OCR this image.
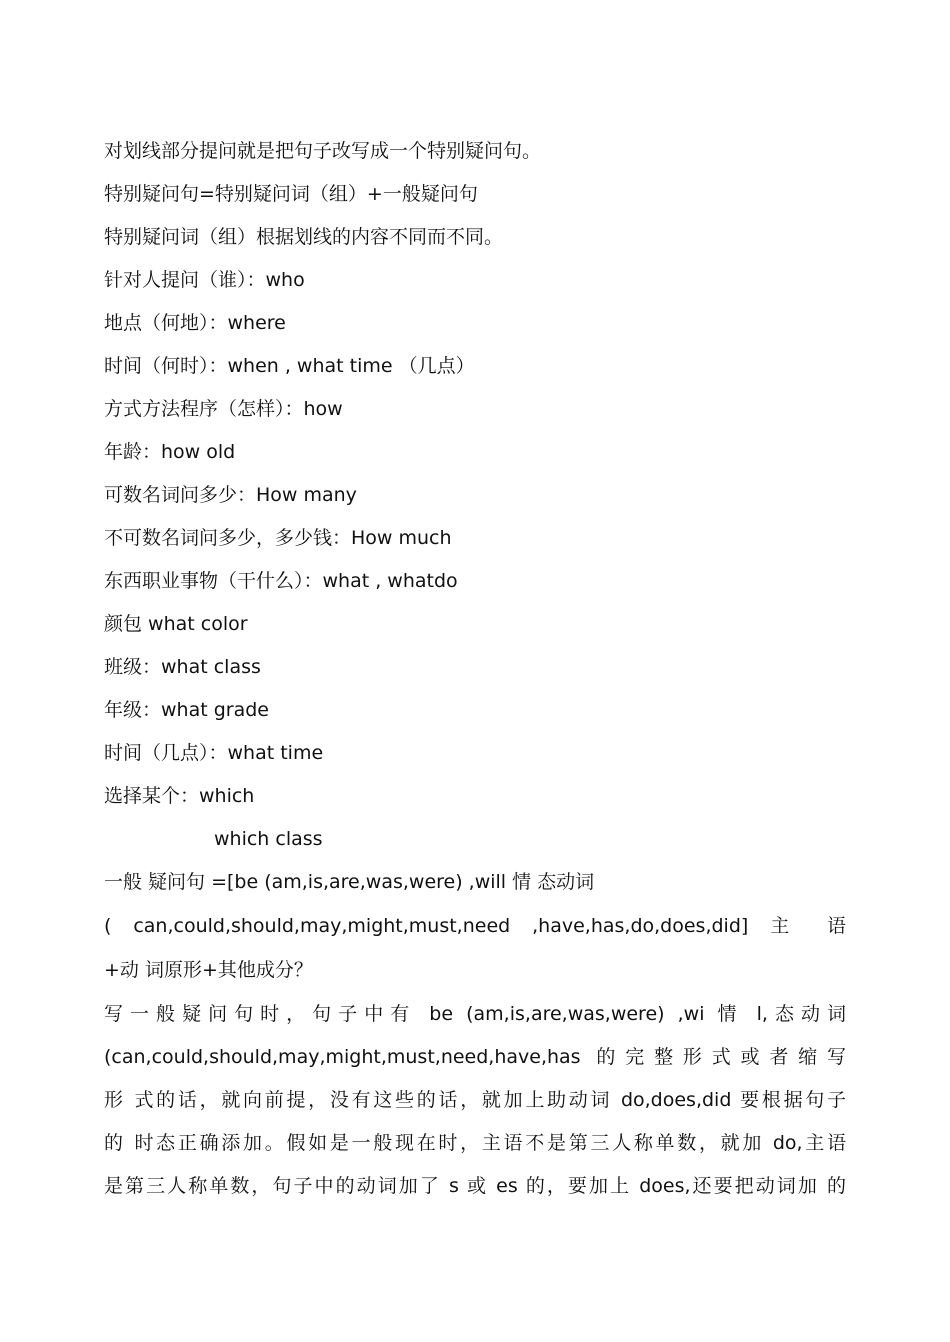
对划线部分提问就是把句子改写成一个特别疑问句。
特别疑问句=特别疑问词（组）+一般疑问句
特别疑问词（组）根据划线的内容不同而不同。
针对人提问（谁）：who
地点（何地）：where
时间（何时）：when , what time （几点）
方式方法程序（怎样）：how
年龄：how old
可数名词问多少：How many
不可数名词问多少，多少钱：How much
东西职业事物（干什么）：what , whatdo
颜包 what color
班级：what class
年级：what grade
时间（几点）：what time
选择某个：which
which class
一般 疑问句 =[be (am,is,are,was,were) ,will 情 态动词
( can,could,should,may,might,must,need ,have,has,do,does,did] 主 语
+动 词原形+其他成分？
写一般疑问句时，句子中有 be (am,is,are,was,were) ,wi 情 l,态动词
(can,could,should,may,might,must,need,have,has 的完整形式或者缩写
形 式的话，就向前提，没有这些的话，就加上助动词 do,does,did 要根据句子
的 时态正确添加。假如是一般现在时，主语不是第三人称单数，就加 do,主语
是第三人称单数，句子中的动词加了 s 或 es 的，要加上 does,还要把动词加 的
